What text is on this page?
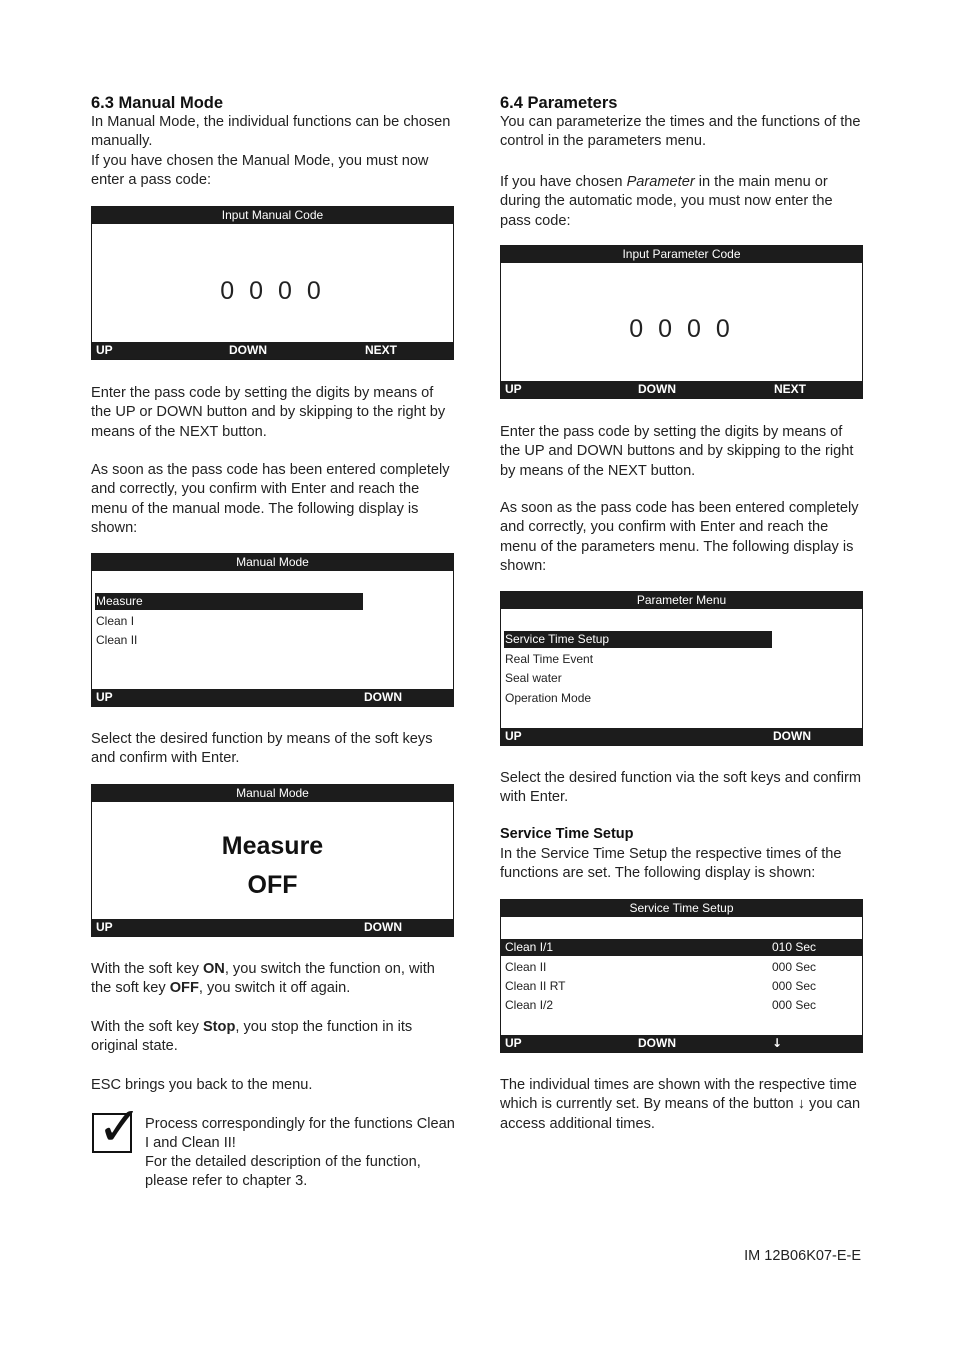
6.3 Manual Mode

In Manual Mode, the individual functions can be chosen manually.

If you have chosen the Manual Mode, you must now enter a pass code:

Input Manual Code
0 0 0 0
UP	DOWN	NEXT

Enter the pass code by setting the digits by means of the UP or DOWN button and by skipping to the right by means of the NEXT button.

As soon as the pass code has been entered completely and correctly, you confirm with Enter and reach the menu of the manual mode. The following display is shown:

Manual Mode
Measure
Clean I
Clean II
UP	DOWN

Select the desired function by means of the soft keys and confirm with Enter.

Manual Mode
Measure
OFF
UP	DOWN

With the soft key ON, you switch the function on, with the soft key OFF, you switch it off again.

With the soft key Stop, you stop the function in its original state.

ESC brings you back to the menu.

✓ Process correspondingly for the functions Clean I and Clean II!

For the detailed description of the function, please refer to chapter 3.

6.4 Parameters

You can parameterize the times and the functions of the control in the parameters menu.

If you have chosen Parameter in the main menu or during the automatic mode, you must now enter the pass code:

Input Parameter Code
0 0 0 0
UP	DOWN	NEXT

Enter the pass code by setting the digits by means of the UP and DOWN buttons and by skipping to the right by means of the NEXT button.

As soon as the pass code has been entered completely and correctly, you confirm with Enter and reach the menu of the parameters menu. The following display is shown:

Parameter Menu
Service Time Setup
Real Time Event
Seal water
Operation Mode
UP	DOWN

Select the desired function via the soft keys and confirm with Enter.

Service Time Setup

In the Service Time Setup the respective times of the functions are set. The following display is shown:

Service Time Setup
Clean I/1	010 Sec
Clean II	000 Sec
Clean II RT	000 Sec
Clean I/2	000 Sec
UP	DOWN	↓

The individual times are shown with the respective time which is currently set. By means of the button ↓ you can access additional times.

IM 12B06K07-E-E
